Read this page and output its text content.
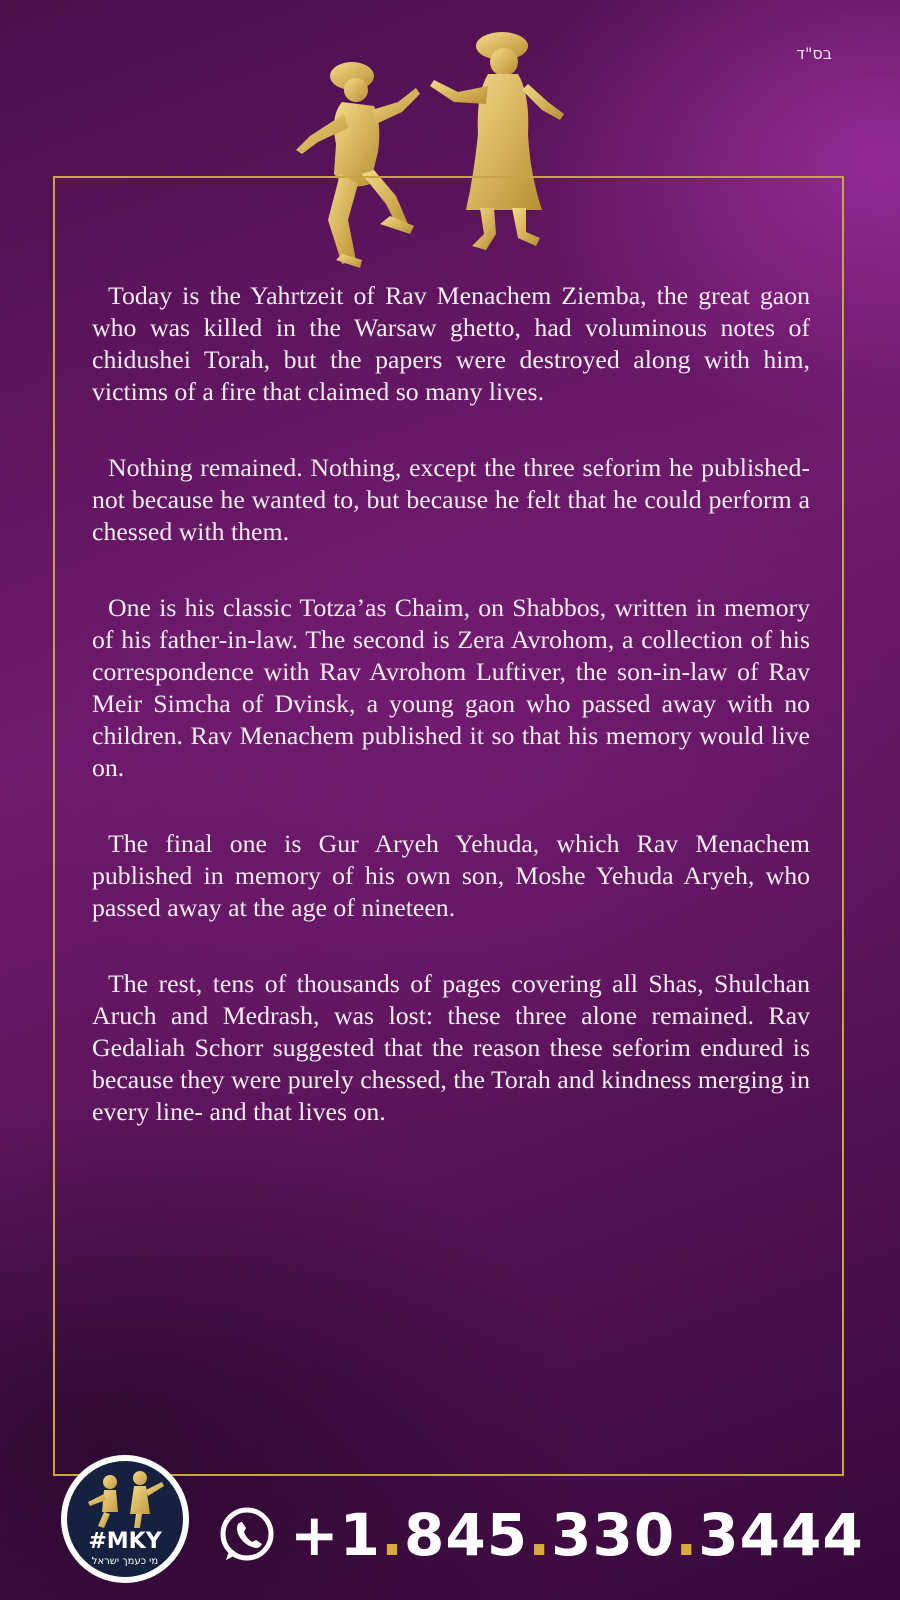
בס"ד

Today is the Yahrtzeit of Rav Menachem Ziemba, the great gaon who was killed in the Warsaw ghetto, had voluminous notes of chidushei Torah, but the papers were destroyed along with him, victims of a fire that claimed so many lives.

Nothing remained. Nothing, except the three seforim he published- not because he wanted to, but because he felt that he could perform a chessed with them.

One is his classic Totza’as Chaim, on Shabbos, written in memory of his father-in-law. The second is Zera Avrohom, a collection of his correspondence with Rav Avrohom Luftiver, the son-in-law of Rav Meir Simcha of Dvinsk, a young gaon who passed away with no children. Rav Menachem published it so that his memory would live on.

The final one is Gur Aryeh Yehuda, which Rav Menachem published in memory of his own son, Moshe Yehuda Aryeh, who passed away at the age of nineteen.

The rest, tens of thousands of pages covering all Shas, Shulchan Aruch and Medrash, was lost: these three alone remained. Rav Gedaliah Schorr suggested that the reason these seforim endured is because they were purely chessed, the Torah and kindness merging in every line- and that lives on.

#MKY
מי כעמך ישראל +1.845.330.3444
